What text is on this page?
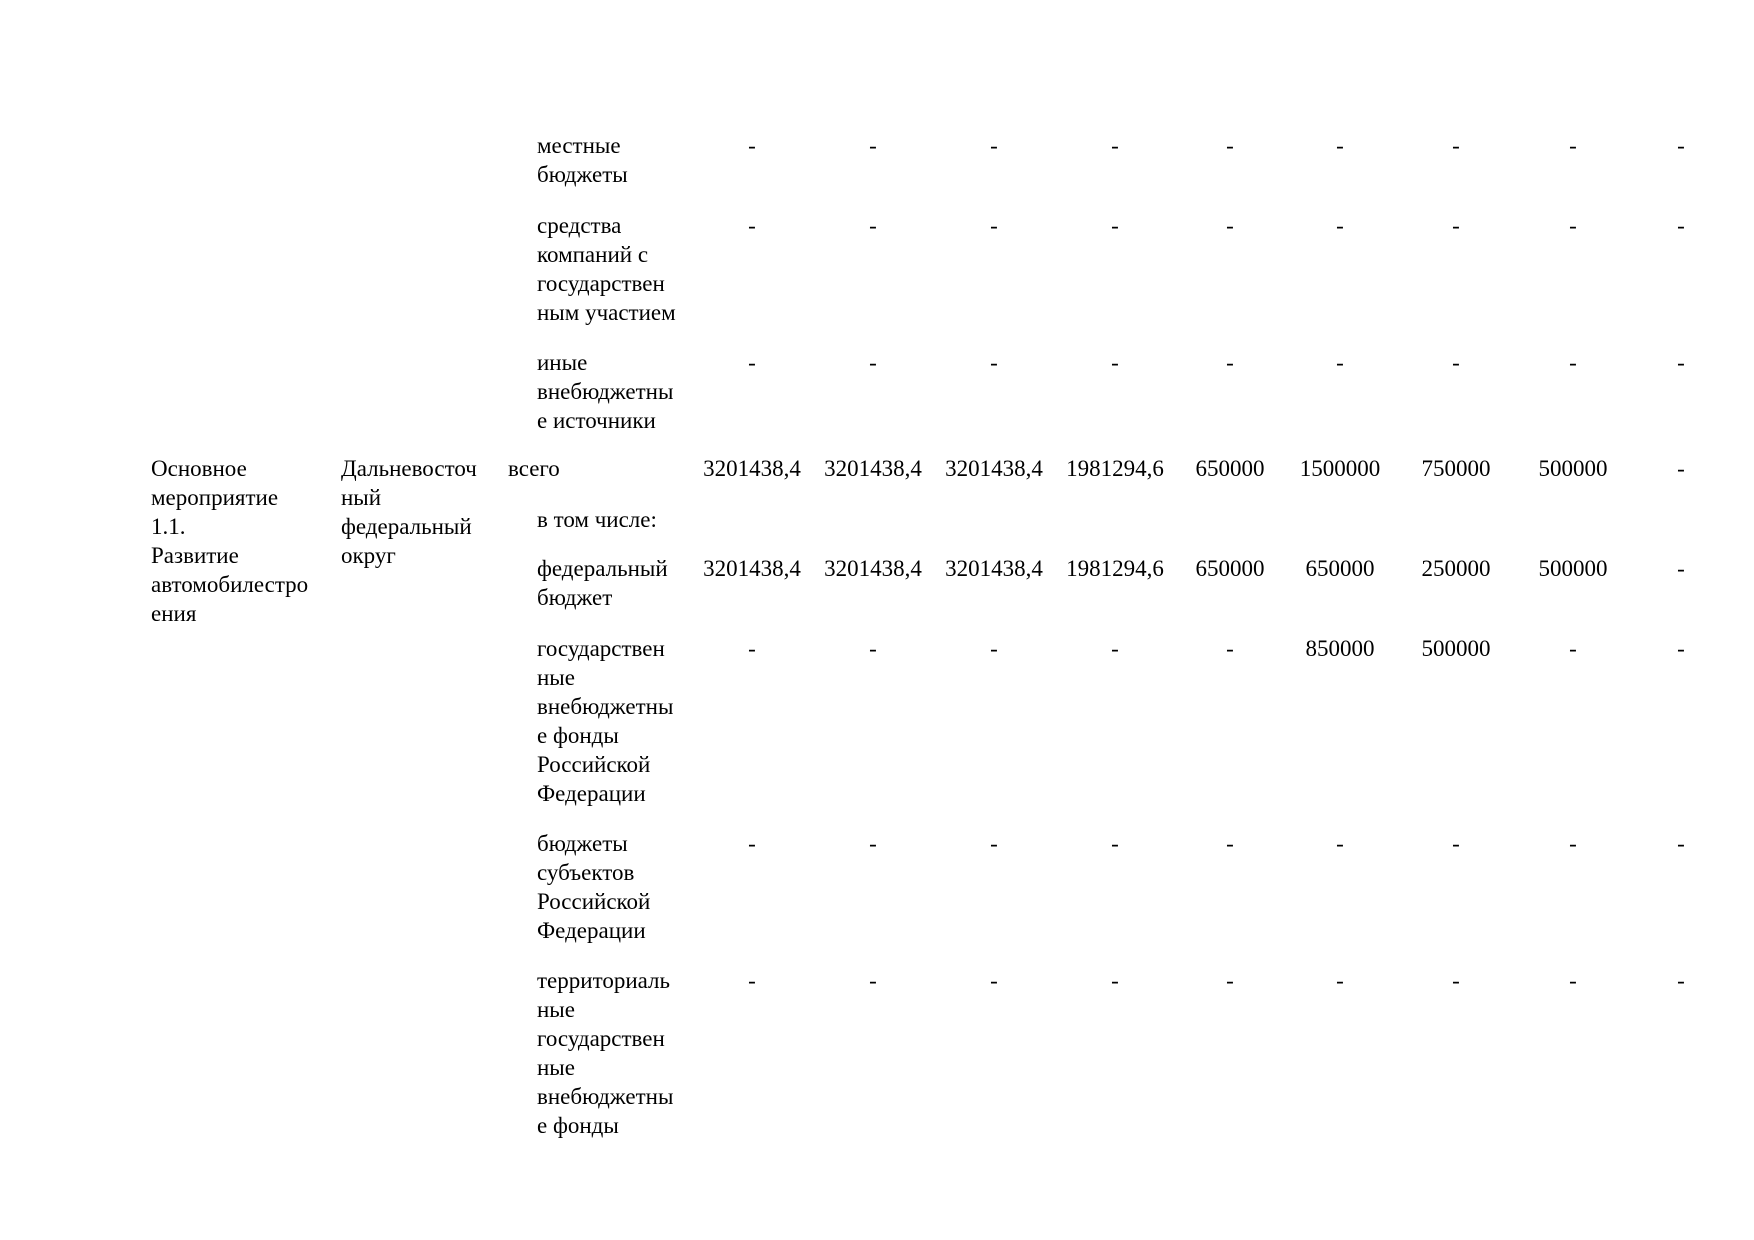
местные
бюджеты
-	-	-	-	-	-	-	-	-
средства
компаний с
государствен
ным участием
-	-	-	-	-	-	-	-	-
иные
внебюджетны
е источники
-	-	-	-	-	-	-	-	-
Основное
мероприятие
1.1.
Развитие
автомобилестро
ения
Дальневосточ
ный
федеральный
округ
всего	3201438,4 3201438,4 3201438,4 1981294,6	650000	1500000	750000	500000	-
в том числе:
федеральный
бюджет
3201438,4 3201438,4 3201438,4 1981294,6	650000	650000	250000	500000	-
государствен
ные
внебюджетны
е фонды
Российской
Федерации
-	-	-	-	-	850000	500000	-	-
бюджеты
субъектов
Российской
Федерации
-	-	-	-	-	-	-	-	-
территориаль
ные
государствен
ные
внебюджетны
е фонды
-	-	-	-	-	-	-	-	-
